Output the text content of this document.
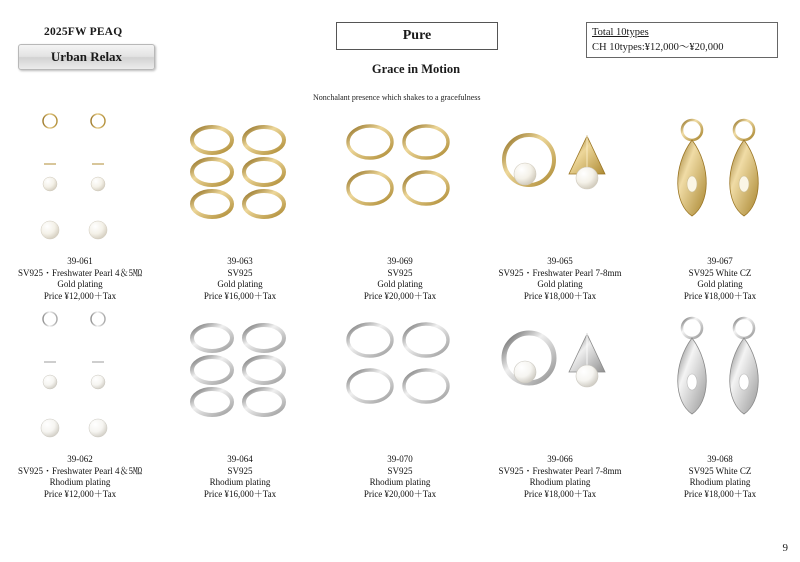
2025FW PEAQ
Urban Relax
Pure
Grace in Motion
Nonchalant presence which shakes to a gracefulness
Total 10types
CH 10types:¥12,000～¥20,000
39-061
SV925・Freshwater Pearl 4＆5㏁
Gold plating
Price ¥12,000＋Tax
39-063
SV925
Gold plating
Price ¥16,000＋Tax
39-069
SV925
Gold plating
Price ¥20,000＋Tax
39-065
SV925・Freshwater Pearl 7-8mm
Gold plating
Price ¥18,000＋Tax
39-067
SV925 White CZ
Gold plating
Price ¥18,000＋Tax
39-062
SV925・Freshwater Pearl 4＆5㏁
Rhodium plating
Price ¥12,000＋Tax
39-064
SV925
Rhodium plating
Price ¥16,000＋Tax
39-070
SV925
Rhodium plating
Price ¥20,000＋Tax
39-066
SV925・Freshwater Pearl 7-8mm
Rhodium plating
Price ¥18,000＋Tax
39-068
SV925 White CZ
Rhodium plating
Price ¥18,000＋Tax
9
